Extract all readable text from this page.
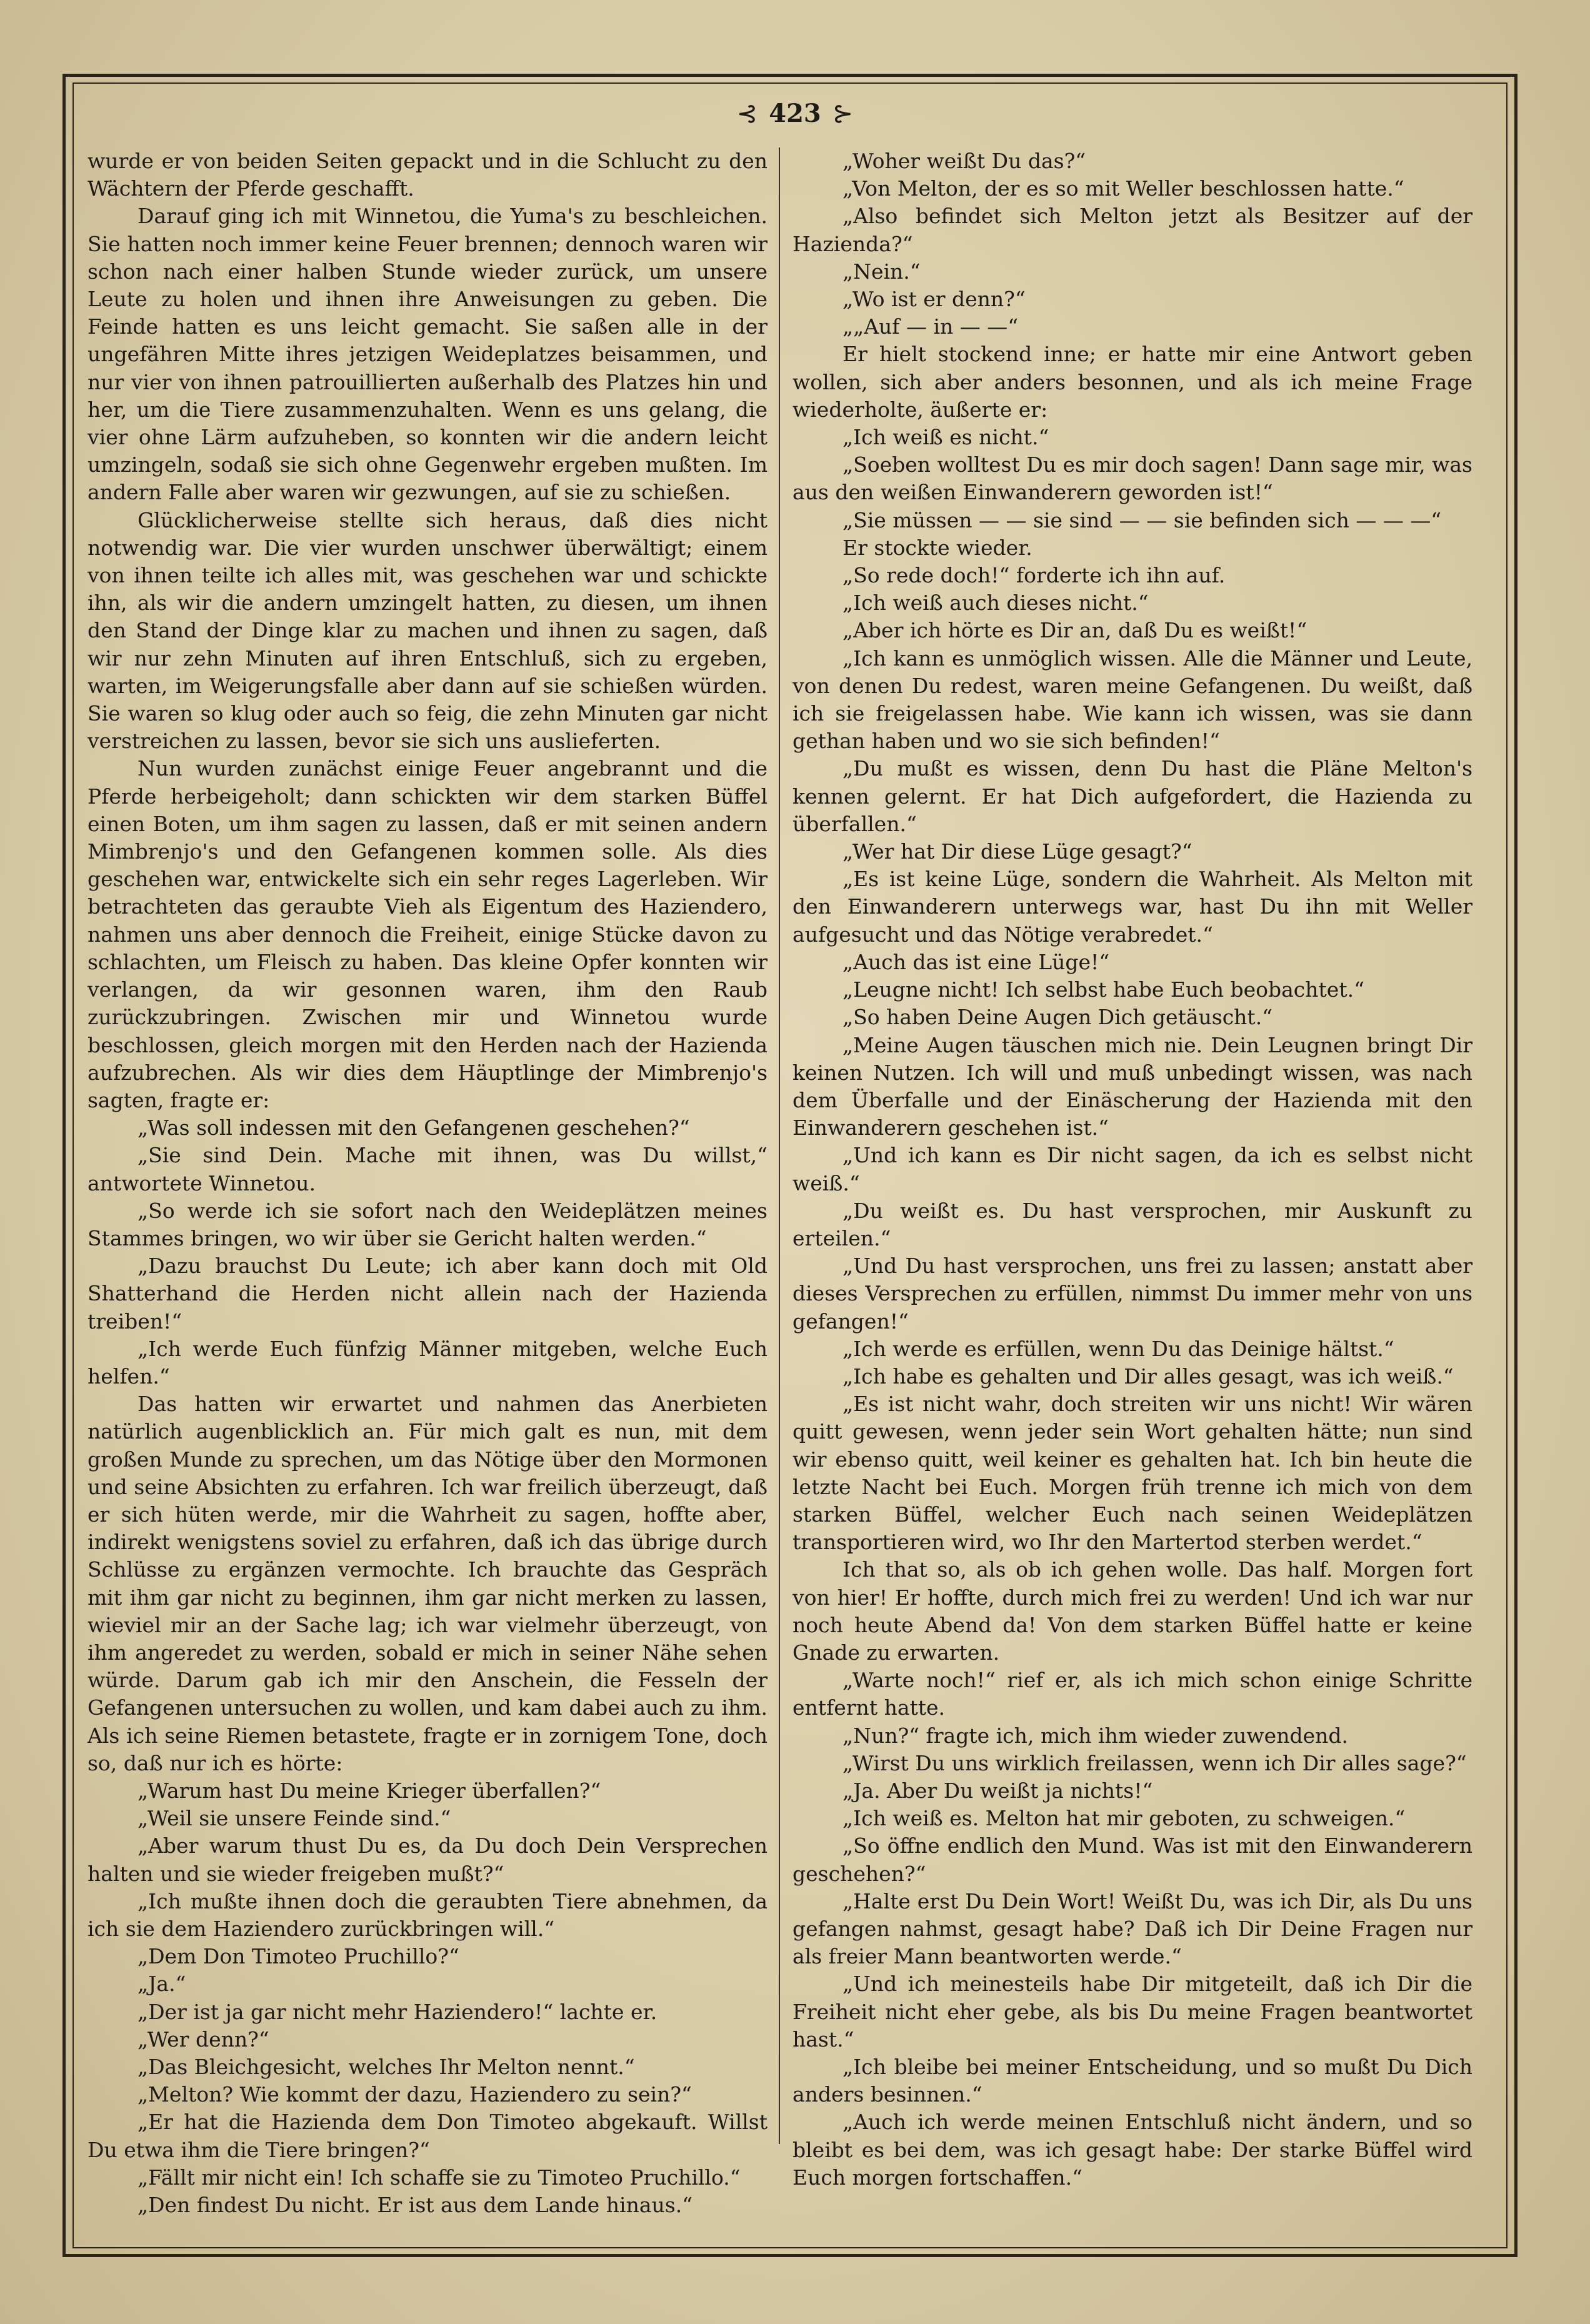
⊰ 423 ⊱

wurde er von beiden Seiten gepackt und in die Schlucht zu den Wächtern der Pferde geschafft.

Darauf ging ich mit Winnetou, die Yuma's zu beschleichen. Sie hatten noch immer keine Feuer brennen; dennoch waren wir schon nach einer halben Stunde wieder zurück, um unsere Leute zu holen und ihnen ihre Anweisungen zu geben. Die Feinde hatten es uns leicht gemacht. Sie saßen alle in der ungefähren Mitte ihres jetzigen Weideplatzes beisammen, und nur vier von ihnen patrouillierten außerhalb des Platzes hin und her, um die Tiere zusammenzuhalten. Wenn es uns gelang, die vier ohne Lärm aufzuheben, so konnten wir die andern leicht umzingeln, sodaß sie sich ohne Gegenwehr ergeben mußten. Im andern Falle aber waren wir gezwungen, auf sie zu schießen.

Glücklicherweise stellte sich heraus, daß dies nicht notwendig war. Die vier wurden unschwer überwältigt; einem von ihnen teilte ich alles mit, was geschehen war und schickte ihn, als wir die andern umzingelt hatten, zu diesen, um ihnen den Stand der Dinge klar zu machen und ihnen zu sagen, daß wir nur zehn Minuten auf ihren Entschluß, sich zu ergeben, warten, im Weigerungsfalle aber dann auf sie schießen würden. Sie waren so klug oder auch so feig, die zehn Minuten gar nicht verstreichen zu lassen, bevor sie sich uns auslieferten.

Nun wurden zunächst einige Feuer angebrannt und die Pferde herbeigeholt; dann schickten wir dem starken Büffel einen Boten, um ihm sagen zu lassen, daß er mit seinen andern Mimbrenjo's und den Gefangenen kommen solle. Als dies geschehen war, entwickelte sich ein sehr reges Lagerleben. Wir betrachteten das geraubte Vieh als Eigentum des Haziendero, nahmen uns aber dennoch die Freiheit, einige Stücke davon zu schlachten, um Fleisch zu haben. Das kleine Opfer konnten wir verlangen, da wir gesonnen waren, ihm den Raub zurückzubringen. Zwischen mir und Winnetou wurde beschlossen, gleich morgen mit den Herden nach der Hazienda aufzubrechen. Als wir dies dem Häuptlinge der Mimbrenjo's sagten, fragte er:

„Was soll indessen mit den Gefangenen geschehen?“

„Sie sind Dein. Mache mit ihnen, was Du willst,“ antwortete Winnetou.

„So werde ich sie sofort nach den Weideplätzen meines Stammes bringen, wo wir über sie Gericht halten werden.“

„Dazu brauchst Du Leute; ich aber kann doch mit Old Shatterhand die Herden nicht allein nach der Hazienda treiben!“

„Ich werde Euch fünfzig Männer mitgeben, welche Euch helfen.“

Das hatten wir erwartet und nahmen das Anerbieten natürlich augenblicklich an. Für mich galt es nun, mit dem großen Munde zu sprechen, um das Nötige über den Mormonen und seine Absichten zu erfahren. Ich war freilich überzeugt, daß er sich hüten werde, mir die Wahrheit zu sagen, hoffte aber, indirekt wenigstens soviel zu erfahren, daß ich das übrige durch Schlüsse zu ergänzen vermochte. Ich brauchte das Gespräch mit ihm gar nicht zu beginnen, ihm gar nicht merken zu lassen, wieviel mir an der Sache lag; ich war vielmehr überzeugt, von ihm angeredet zu werden, sobald er mich in seiner Nähe sehen würde. Darum gab ich mir den Anschein, die Fesseln der Gefangenen untersuchen zu wollen, und kam dabei auch zu ihm. Als ich seine Riemen betastete, fragte er in zornigem Tone, doch so, daß nur ich es hörte:

„Warum hast Du meine Krieger überfallen?“

„Weil sie unsere Feinde sind.“

„Aber warum thust Du es, da Du doch Dein Versprechen halten und sie wieder freigeben mußt?“

„Ich mußte ihnen doch die geraubten Tiere abnehmen, da ich sie dem Haziendero zurückbringen will.“

„Dem Don Timoteo Pruchillo?“

„Ja.“

„Der ist ja gar nicht mehr Haziendero!“ lachte er.

„Wer denn?“

„Das Bleichgesicht, welches Ihr Melton nennt.“

„Melton? Wie kommt der dazu, Haziendero zu sein?“

„Er hat die Hazienda dem Don Timoteo abgekauft. Willst Du etwa ihm die Tiere bringen?“

„Fällt mir nicht ein! Ich schaffe sie zu Timoteo Pruchillo.“

„Den findest Du nicht. Er ist aus dem Lande hinaus.“

„Woher weißt Du das?“

„Von Melton, der es so mit Weller beschlossen hatte.“

„Also befindet sich Melton jetzt als Besitzer auf der Hazienda?“

„Nein.“

„Wo ist er denn?“

„„Auf — in — —“

Er hielt stockend inne; er hatte mir eine Antwort geben wollen, sich aber anders besonnen, und als ich meine Frage wiederholte, äußerte er:

„Ich weiß es nicht.“

„Soeben wolltest Du es mir doch sagen! Dann sage mir, was aus den weißen Einwanderern geworden ist!“

„Sie müssen — — sie sind — — sie befinden sich — — —“

Er stockte wieder.

„So rede doch!“ forderte ich ihn auf.

„Ich weiß auch dieses nicht.“

„Aber ich hörte es Dir an, daß Du es weißt!“

„Ich kann es unmöglich wissen. Alle die Männer und Leute, von denen Du redest, waren meine Gefangenen. Du weißt, daß ich sie freigelassen habe. Wie kann ich wissen, was sie dann gethan haben und wo sie sich befinden!“

„Du mußt es wissen, denn Du hast die Pläne Melton's kennen gelernt. Er hat Dich aufgefordert, die Hazienda zu überfallen.“

„Wer hat Dir diese Lüge gesagt?“

„Es ist keine Lüge, sondern die Wahrheit. Als Melton mit den Einwanderern unterwegs war, hast Du ihn mit Weller aufgesucht und das Nötige verabredet.“

„Auch das ist eine Lüge!“

„Leugne nicht! Ich selbst habe Euch beobachtet.“

„So haben Deine Augen Dich getäuscht.“

„Meine Augen täuschen mich nie. Dein Leugnen bringt Dir keinen Nutzen. Ich will und muß unbedingt wissen, was nach dem Überfalle und der Einäscherung der Hazienda mit den Einwanderern geschehen ist.“

„Und ich kann es Dir nicht sagen, da ich es selbst nicht weiß.“

„Du weißt es. Du hast versprochen, mir Auskunft zu erteilen.“

„Und Du hast versprochen, uns frei zu lassen; anstatt aber dieses Versprechen zu erfüllen, nimmst Du immer mehr von uns gefangen!“

„Ich werde es erfüllen, wenn Du das Deinige hältst.“

„Ich habe es gehalten und Dir alles gesagt, was ich weiß.“

„Es ist nicht wahr, doch streiten wir uns nicht! Wir wären quitt gewesen, wenn jeder sein Wort gehalten hätte; nun sind wir ebenso quitt, weil keiner es gehalten hat. Ich bin heute die letzte Nacht bei Euch. Morgen früh trenne ich mich von dem starken Büffel, welcher Euch nach seinen Weideplätzen transportieren wird, wo Ihr den Martertod sterben werdet.“

Ich that so, als ob ich gehen wolle. Das half. Morgen fort von hier! Er hoffte, durch mich frei zu werden! Und ich war nur noch heute Abend da! Von dem starken Büffel hatte er keine Gnade zu erwarten.

„Warte noch!“ rief er, als ich mich schon einige Schritte entfernt hatte.

„Nun?“ fragte ich, mich ihm wieder zuwendend.

„Wirst Du uns wirklich freilassen, wenn ich Dir alles sage?“

„Ja. Aber Du weißt ja nichts!“

„Ich weiß es. Melton hat mir geboten, zu schweigen.“

„So öffne endlich den Mund. Was ist mit den Einwanderern geschehen?“

„Halte erst Du Dein Wort! Weißt Du, was ich Dir, als Du uns gefangen nahmst, gesagt habe? Daß ich Dir Deine Fragen nur als freier Mann beantworten werde.“

„Und ich meinesteils habe Dir mitgeteilt, daß ich Dir die Freiheit nicht eher gebe, als bis Du meine Fragen beantwortet hast.“

„Ich bleibe bei meiner Entscheidung, und so mußt Du Dich anders besinnen.“

„Auch ich werde meinen Entschluß nicht ändern, und so bleibt es bei dem, was ich gesagt habe: Der starke Büffel wird Euch morgen fortschaffen.“
